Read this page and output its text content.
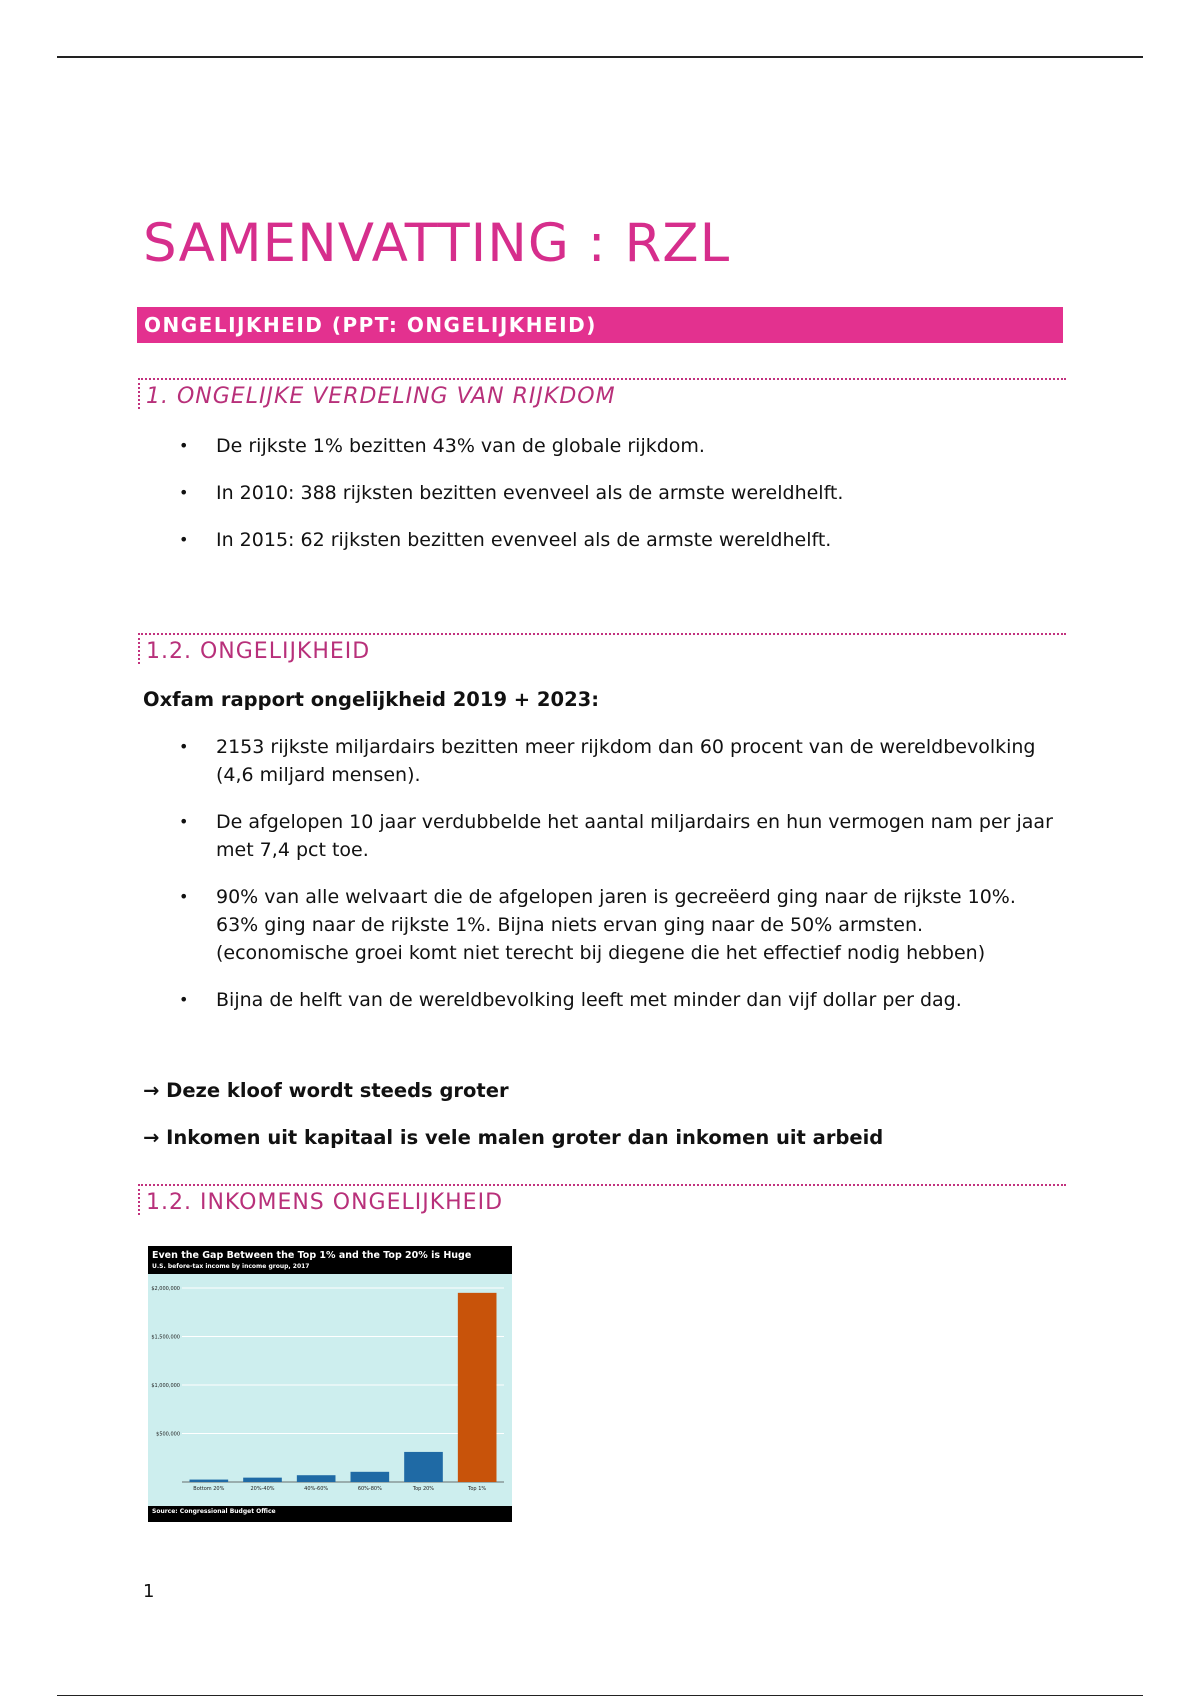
SAMENVATTING : RZL
ONGELIJKHEID (PPT: ONGELIJKHEID)
1. ONGELIJKE VERDELING VAN RIJKDOM
• De rijkste 1% bezitten 43% van de globale rijkdom.
• In 2010: 388 rijksten bezitten evenveel als de armste wereldhelft.
• In 2015: 62 rijksten bezitten evenveel als de armste wereldhelft.
1.2. ONGELIJKHEID
Oxfam rapport ongelijkheid 2019 + 2023:
• 2153 rijkste miljardairs bezitten meer rijkdom dan 60 procent van de wereldbevolking (4,6 miljard mensen).
• De afgelopen 10 jaar verdubbelde het aantal miljardairs en hun vermogen nam per jaar met 7,4 pct toe.
• 90% van alle welvaart die de afgelopen jaren is gecreëerd ging naar de rijkste 10%. 63% ging naar de rijkste 1%. Bijna niets ervan ging naar de 50% armsten. (economische groei komt niet terecht bij diegene die het effectief nodig hebben)
• Bijna de helft van de wereldbevolking leeft met minder dan vijf dollar per dag.
→ Deze kloof wordt steeds groter
→ Inkomen uit kapitaal is vele malen groter dan inkomen uit arbeid
1.2. INKOMENS ONGELIJKHEID
Even the Gap Between the Top 1% and the Top 20% is Huge
U.S. before-tax income by income group, 2017
$500,000
$1,000,000
$1,500,000
$2,000,000
Bottom 20%	20%-40%	40%-60%	60%-80%	Top 20%	Top 1%
Source: Congressional Budget Office
1
